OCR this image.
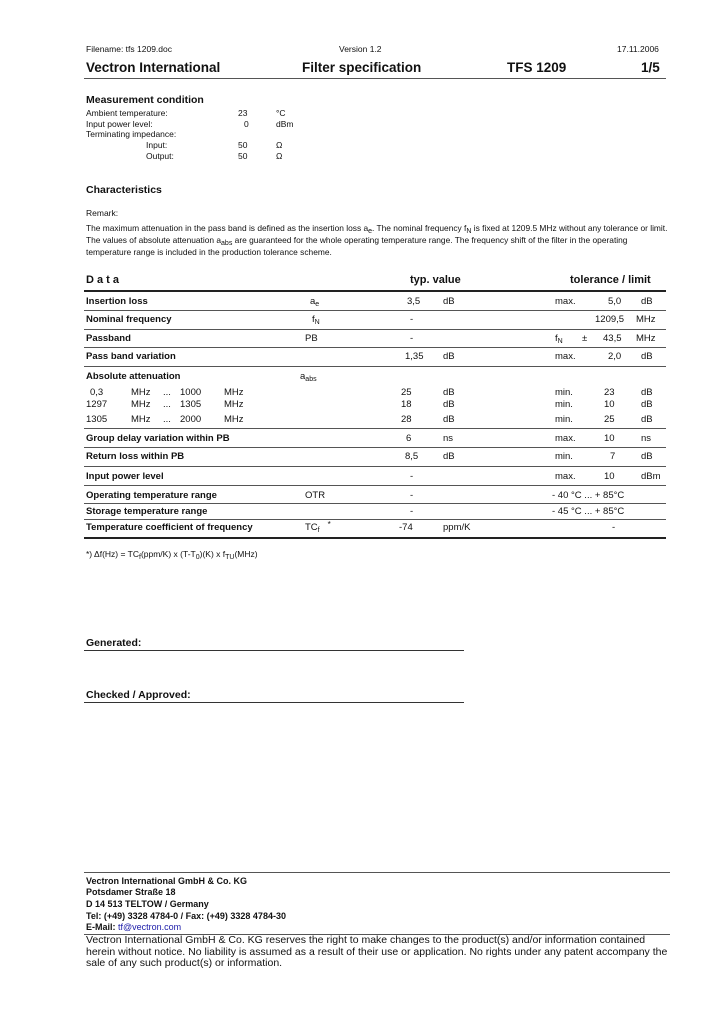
Filename: tfs 1209.doc	Version 1.2	17.11.2006
Vectron International	Filter specification	TFS 1209	1/5
Measurement condition
Ambient temperature:	23	°C
Input power level:	0	dBm
Terminating impedance:
Input:	50	Ω
Output:	50	Ω
Characteristics
Remark:
The maximum attenuation in the pass band is defined as the insertion loss $a_e$. The nominal frequency $f_N$ is fixed at 1209.5 MHz without any tolerance or limit. The values of absolute attenuation $a_{abs}$ are guaranteed for the whole operating temperature range. The frequency shift of the filter in the operating temperature range is included in the production tolerance scheme.
D a t a	typ. value	tolerance / limit
Insertion loss	$a_e$	3,5 dB	max.	5,0 dB
Nominal frequency	$f_N$	-	1209,5 MHz
Passband	PB	-	$f_N \pm 43,5$ MHz
Pass band variation	1,35 dB	max.	2,0 dB
Absolute attenuation	$a_{abs}$
0,3	MHz ... 1000 MHz	25	dB	min.	23	dB
1297	MHz ... 1305 MHz	18	dB	min.	10	dB
1305	MHz ... 2000 MHz	28	dB	min.	25	dB
Group delay variation within PB	6	ns	max.	10	ns
Return loss within PB	8,5	dB	min.	7	dB
Input power level	-	max.	10	dBm
Operating temperature range	OTR	-	- 40 °C ... + 85°C
Storage temperature range	-	- 45 °C ... + 85°C
Temperature coefficient of frequency	$TC_f^*$	-74	ppm/K	-
*) $\Delta f(Hz) = TC_f(ppm/K)$ x $(T-T_0)(K)$ x $f_{TU}(MHz)$
Generated:
Checked / Approved:
Vectron International GmbH & Co. KG
Potsdamer Straße 18
D 14 513 TELTOW / Germany
Tel: (+49) 3328 4784-0 / Fax: (+49) 3328 4784-30
E-Mail: tf@vectron.com
Vectron International GmbH & Co. KG reserves the right to make changes to the product(s) and/or information contained herein without notice. No liability is assumed as a result of their use or application. No rights under any patent accompany the sale of any such product(s) or information.
